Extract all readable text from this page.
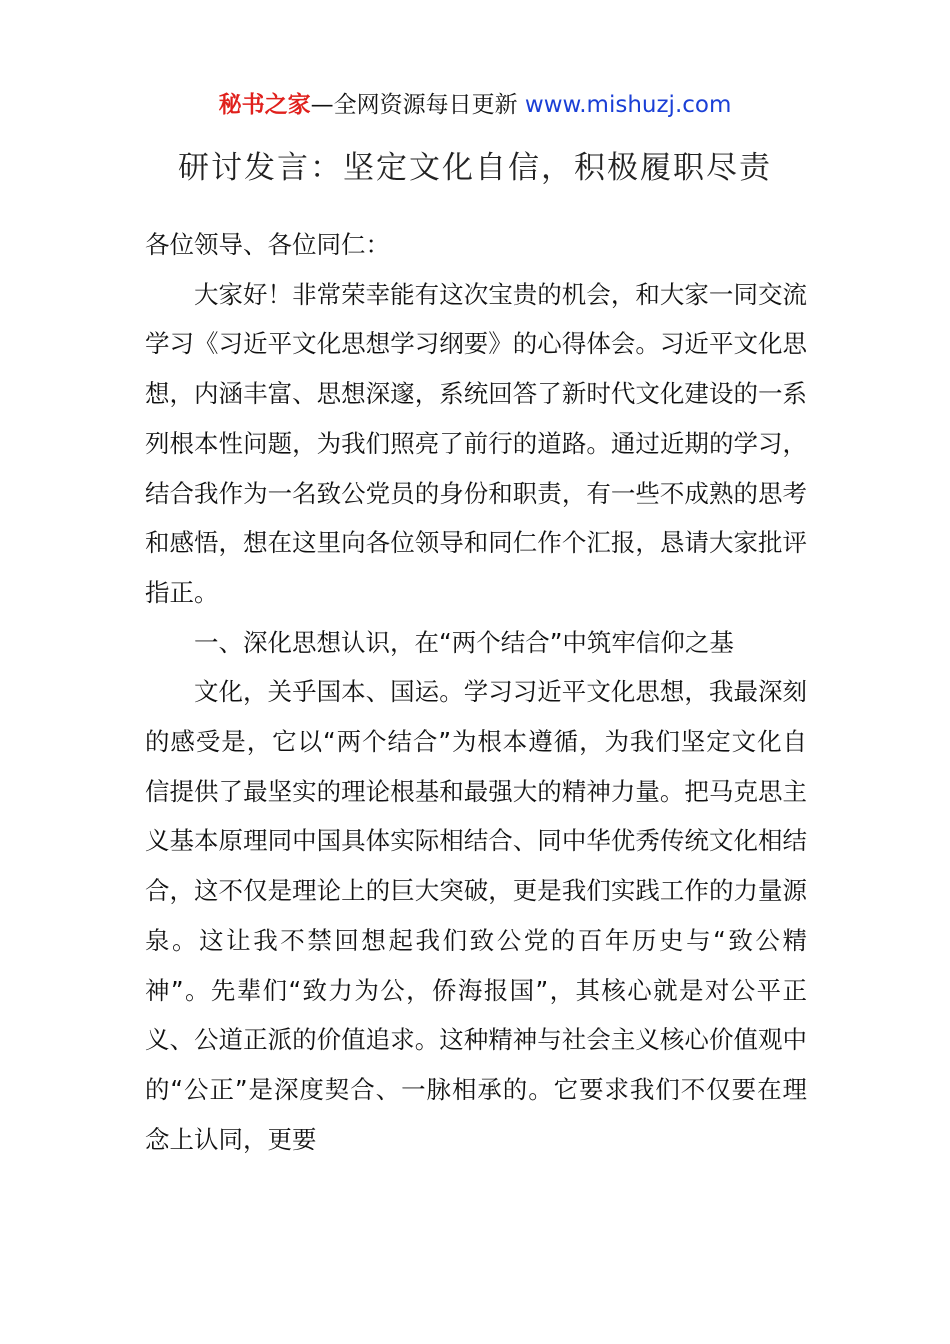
秘书之家—全网资源每日更新 www.mishuzj.com
研讨发言：坚定文化自信，积极履职尽责

各位领导、各位同仁：

大家好！非常荣幸能有这次宝贵的机会，和大家一同交流学习《习近平文化思想学习纲要》的心得体会。习近平文化思想，内涵丰富、思想深邃，系统回答了新时代文化建设的一系列根本性问题，为我们照亮了前行的道路。通过近期的学习，结合我作为一名致公党员的身份和职责，有一些不成熟的思考和感悟，想在这里向各位领导和同仁作个汇报，恳请大家批评指正。

一、深化思想认识，在“两个结合”中筑牢信仰之基

文化，关乎国本、国运。学习习近平文化思想，我最深刻的感受是，它以“两个结合”为根本遵循，为我们坚定文化自信提供了最坚实的理论根基和最强大的精神力量。把马克思主义基本原理同中国具体实际相结合、同中华优秀传统文化相结合，这不仅是理论上的巨大突破，更是我们实践工作的力量源泉。这让我不禁回想起我们致公党的百年历史与“致公精神”。先辈们“致力为公，侨海报国”，其核心就是对公平正义、公道正派的价值追求。这种精神与社会主义核心价值观中的“公正”是深度契合、一脉相承的。它要求我们不仅要在理念上认同，更要
